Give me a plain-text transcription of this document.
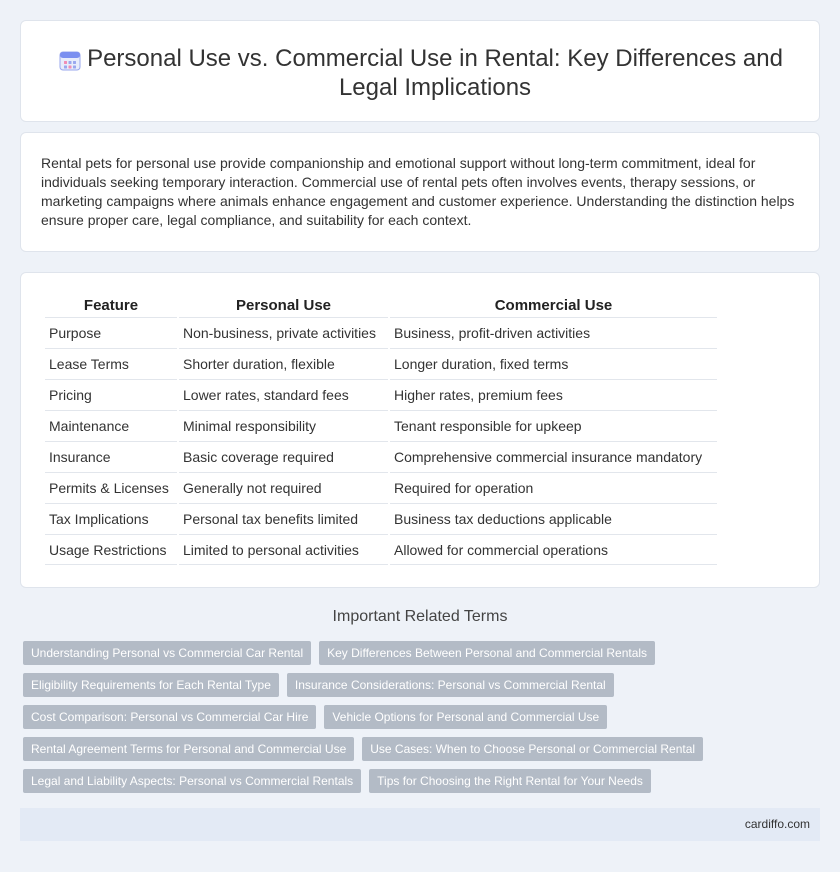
Personal Use vs. Commercial Use in Rental: Key Differences and Legal Implications

Rental pets for personal use provide companionship and emotional support without long-term commitment, ideal for individuals seeking temporary interaction. Commercial use of rental pets often involves events, therapy sessions, or marketing campaigns where animals enhance engagement and customer experience. Understanding the distinction helps ensure proper care, legal compliance, and suitability for each context.

Feature	Personal Use	Commercial Use
Purpose	Non-business, private activities	Business, profit-driven activities
Lease Terms	Shorter duration, flexible	Longer duration, fixed terms
Pricing	Lower rates, standard fees	Higher rates, premium fees
Maintenance	Minimal responsibility	Tenant responsible for upkeep
Insurance	Basic coverage required	Comprehensive commercial insurance mandatory
Permits & Licenses	Generally not required	Required for operation
Tax Implications	Personal tax benefits limited	Business tax deductions applicable
Usage Restrictions	Limited to personal activities	Allowed for commercial operations
Important Related Terms
Understanding Personal vs Commercial Car Rental	Key Differences Between Personal and Commercial Rentals
Eligibility Requirements for Each Rental Type	Insurance Considerations: Personal vs Commercial Rental
Cost Comparison: Personal vs Commercial Car Hire	Vehicle Options for Personal and Commercial Use
Rental Agreement Terms for Personal and Commercial Use	Use Cases: When to Choose Personal or Commercial Rental
Legal and Liability Aspects: Personal vs Commercial Rentals	Tips for Choosing the Right Rental for Your Needs
cardiffo.com
